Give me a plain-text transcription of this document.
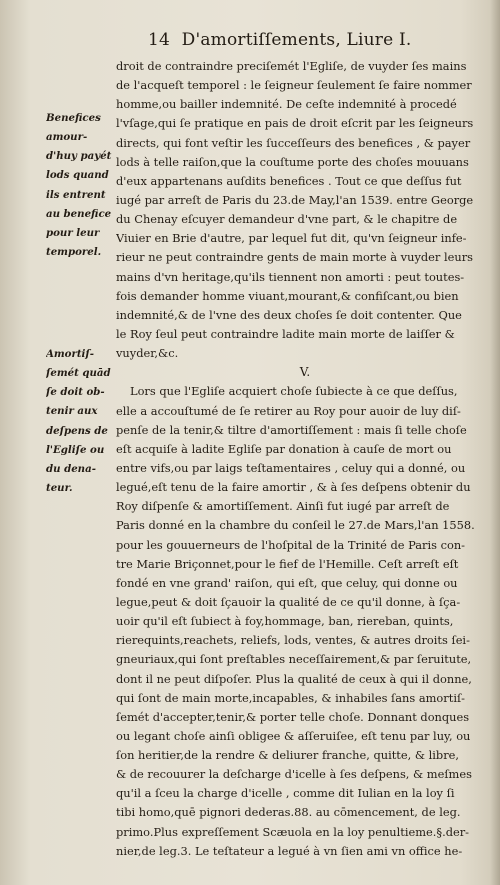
14 D'amortiſſements, Liure I.
Benefices
amour-
d'huy payét
lods quand
ils entrent
au benefice
pour leur
temporel.
Amortiſ-
ſemét quād
ſe doit ob-
tenir aux
deſpens de
l'Egliſe ou
du dena-
teur.
droit de contraindre preciſemét l'Egliſe, de vuyder ſes mains
de l'acqueſt temporel : le ſeigneur ſeulement ſe faire nommer
homme,ou bailler indemnité. De ceſte indemnité à procedé
l'vſage,qui ſe pratique en pais de droit eſcrit par les ſeigneurs
directs, qui font veſtir les ſucceſſeurs des benefices , & payer
lods à telle raiſon,que la couſtume porte des choſes mouuans
d'eux appartenans auſdits benefices . Tout ce que deſſus fut
iugé par arreſt de Paris du 23.de May,l'an 1539. entre George
du Chenay eſcuyer demandeur d'vne part, & le chapitre de
Viuier en Brie d'autre, par lequel fut dit, qu'vn ſeigneur infe-
rieur ne peut contraindre gents de main morte à vuyder leurs
mains d'vn heritage,qu'ils tiennent non amorti : peut toutes-
fois demander homme viuant,mourant,& confiſcant,ou bien
indemnité,& de l'vne des deux choſes ſe doit contenter. Que
le Roy ſeul peut contraindre ladite main morte de laiſſer &
vuyder,&c.
V.
Lors que l'Egliſe acquiert choſe ſubiecte à ce que deſſus,
elle a accouſtumé de ſe retirer au Roy pour auoir de luy diſ-
penſe de la tenir,& tiltre d'amortiſſement : mais ſi telle choſe
eſt acquiſe à ladite Egliſe par donation à cauſe de mort ou
entre vifs,ou par laigs teſtamentaires , celuy qui a donné, ou
legué,eſt tenu de la faire amortir , & à ſes deſpens obtenir du
Roy diſpenſe & amortiſſement. Ainſi fut iugé par arreſt de
Paris donné en la chambre du conſeil le 27.de Mars,l'an 1558.
pour les gouuerneurs de l'hoſpital de la Trinité de Paris con-
tre Marie Briçonnet,pour le fief de l'Hemille. Ceſt arreſt eſt
fondé en vne grand' raiſon, qui eſt, que celuy, qui donne ou
legue,peut & doit ſçauoir la qualité de ce qu'il donne, à ſça-
uoir qu'il eſt ſubiect à foy,hommage, ban, riereban, quints,
rierequints,reachets, reliefs, lods, ventes, & autres droits ſei-
gneuriaux,qui ſont preſtables neceſſairement,& par ſeruitute,
dont il ne peut diſpoſer. Plus la qualité de ceux à qui il donne,
qui ſont de main morte,incapables, & inhabiles ſans amortiſ-
ſemét d'accepter,tenir,& porter telle choſe. Donnant donques
ou legant choſe ainſi obligee & aſſeruiſee, eſt tenu par luy, ou
ſon heritier,de la rendre & deliurer franche, quitte, & libre,
& de recouurer la deſcharge d'icelle à ſes deſpens, & meſmes
qu'il a ſceu la charge d'icelle , comme dit Iulian en la loy ſi
tibi homo,quē pignori dederas.88. au cōmencement, de leg.
primo.Plus expreſſement Scæuola en la loy penultieme.§.der-
nier,de leg.3. Le teſtateur a legué à vn ſien ami vn office he-
